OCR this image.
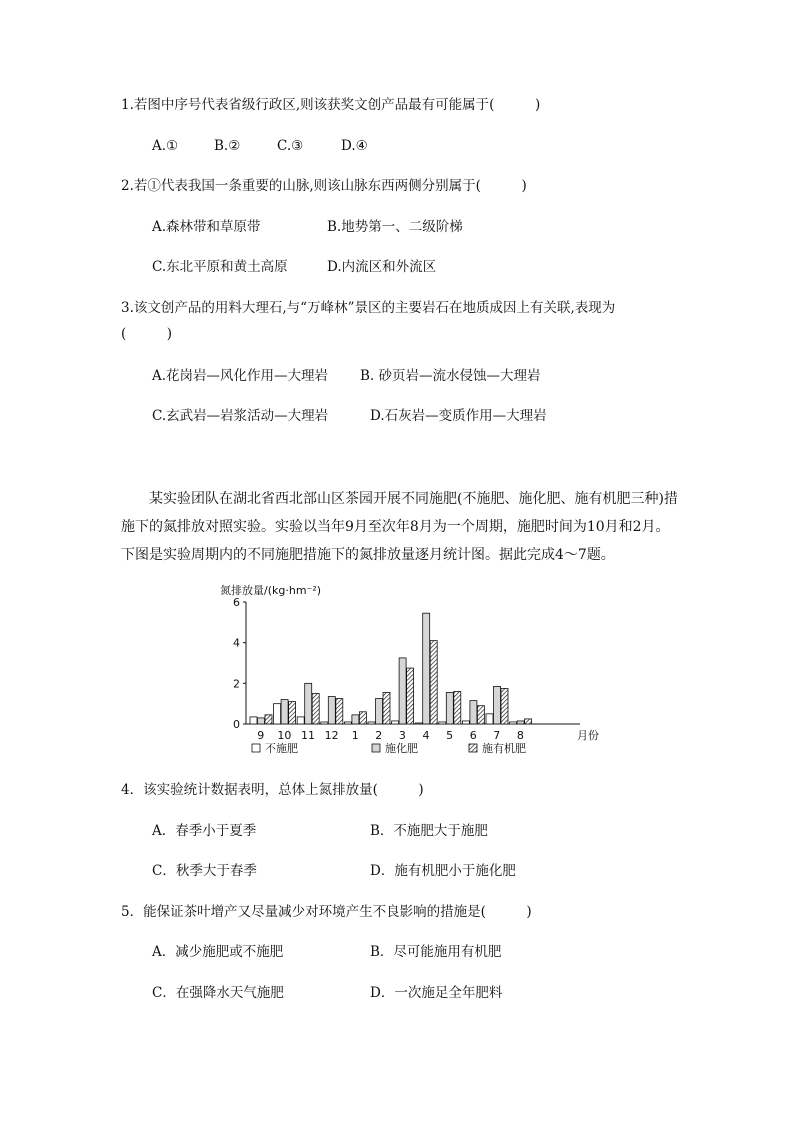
1.若图中序号代表省级行政区,则该获奖文创产品最有可能属于(　　　)
A.①	B.②	C.③	D.④
2.若①代表我国一条重要的山脉,则该山脉东西两侧分别属于(　　　)
A.森林带和草原带	B.地势第一、二级阶梯
C.东北平原和黄土高原	D.内流区和外流区
3.该文创产品的用料大理石,与“万峰林”景区的主要岩石在地质成因上有关联,表现为
(　　　)
A.花岗岩—风化作用—大理岩 B. 砂页岩—流水侵蚀—大理岩
C.玄武岩—岩浆活动—大理岩	D.石灰岩—变质作用—大理岩

某实验团队在湖北省西北部山区茶园开展不同施肥(不施肥、施化肥、施有机肥三种)措施下的氮排放对照实验。实验以当年9月至次年8月为一个周期，施肥时间为10月和2月。下图是实验周期内的不同施肥措施下的氮排放量逐月统计图。据此完成4～7题。

氮排放量/(kg·hm⁻²)
0
2
4
6
9 10 11 12 1 2 3 4 5 6 7 8	月份
不施肥	施化肥	施有机肥
4．该实验统计数据表明，总体上氮排放量(　　　)
A．春季小于夏季	B．不施肥大于施肥
C．秋季大于春季	D．施有机肥小于施化肥
5．能保证茶叶增产又尽量减少对环境产生不良影响的措施是(　　　)
A．减少施肥或不施肥	B．尽可能施用有机肥
C．在强降水天气施肥	D．一次施足全年肥料
